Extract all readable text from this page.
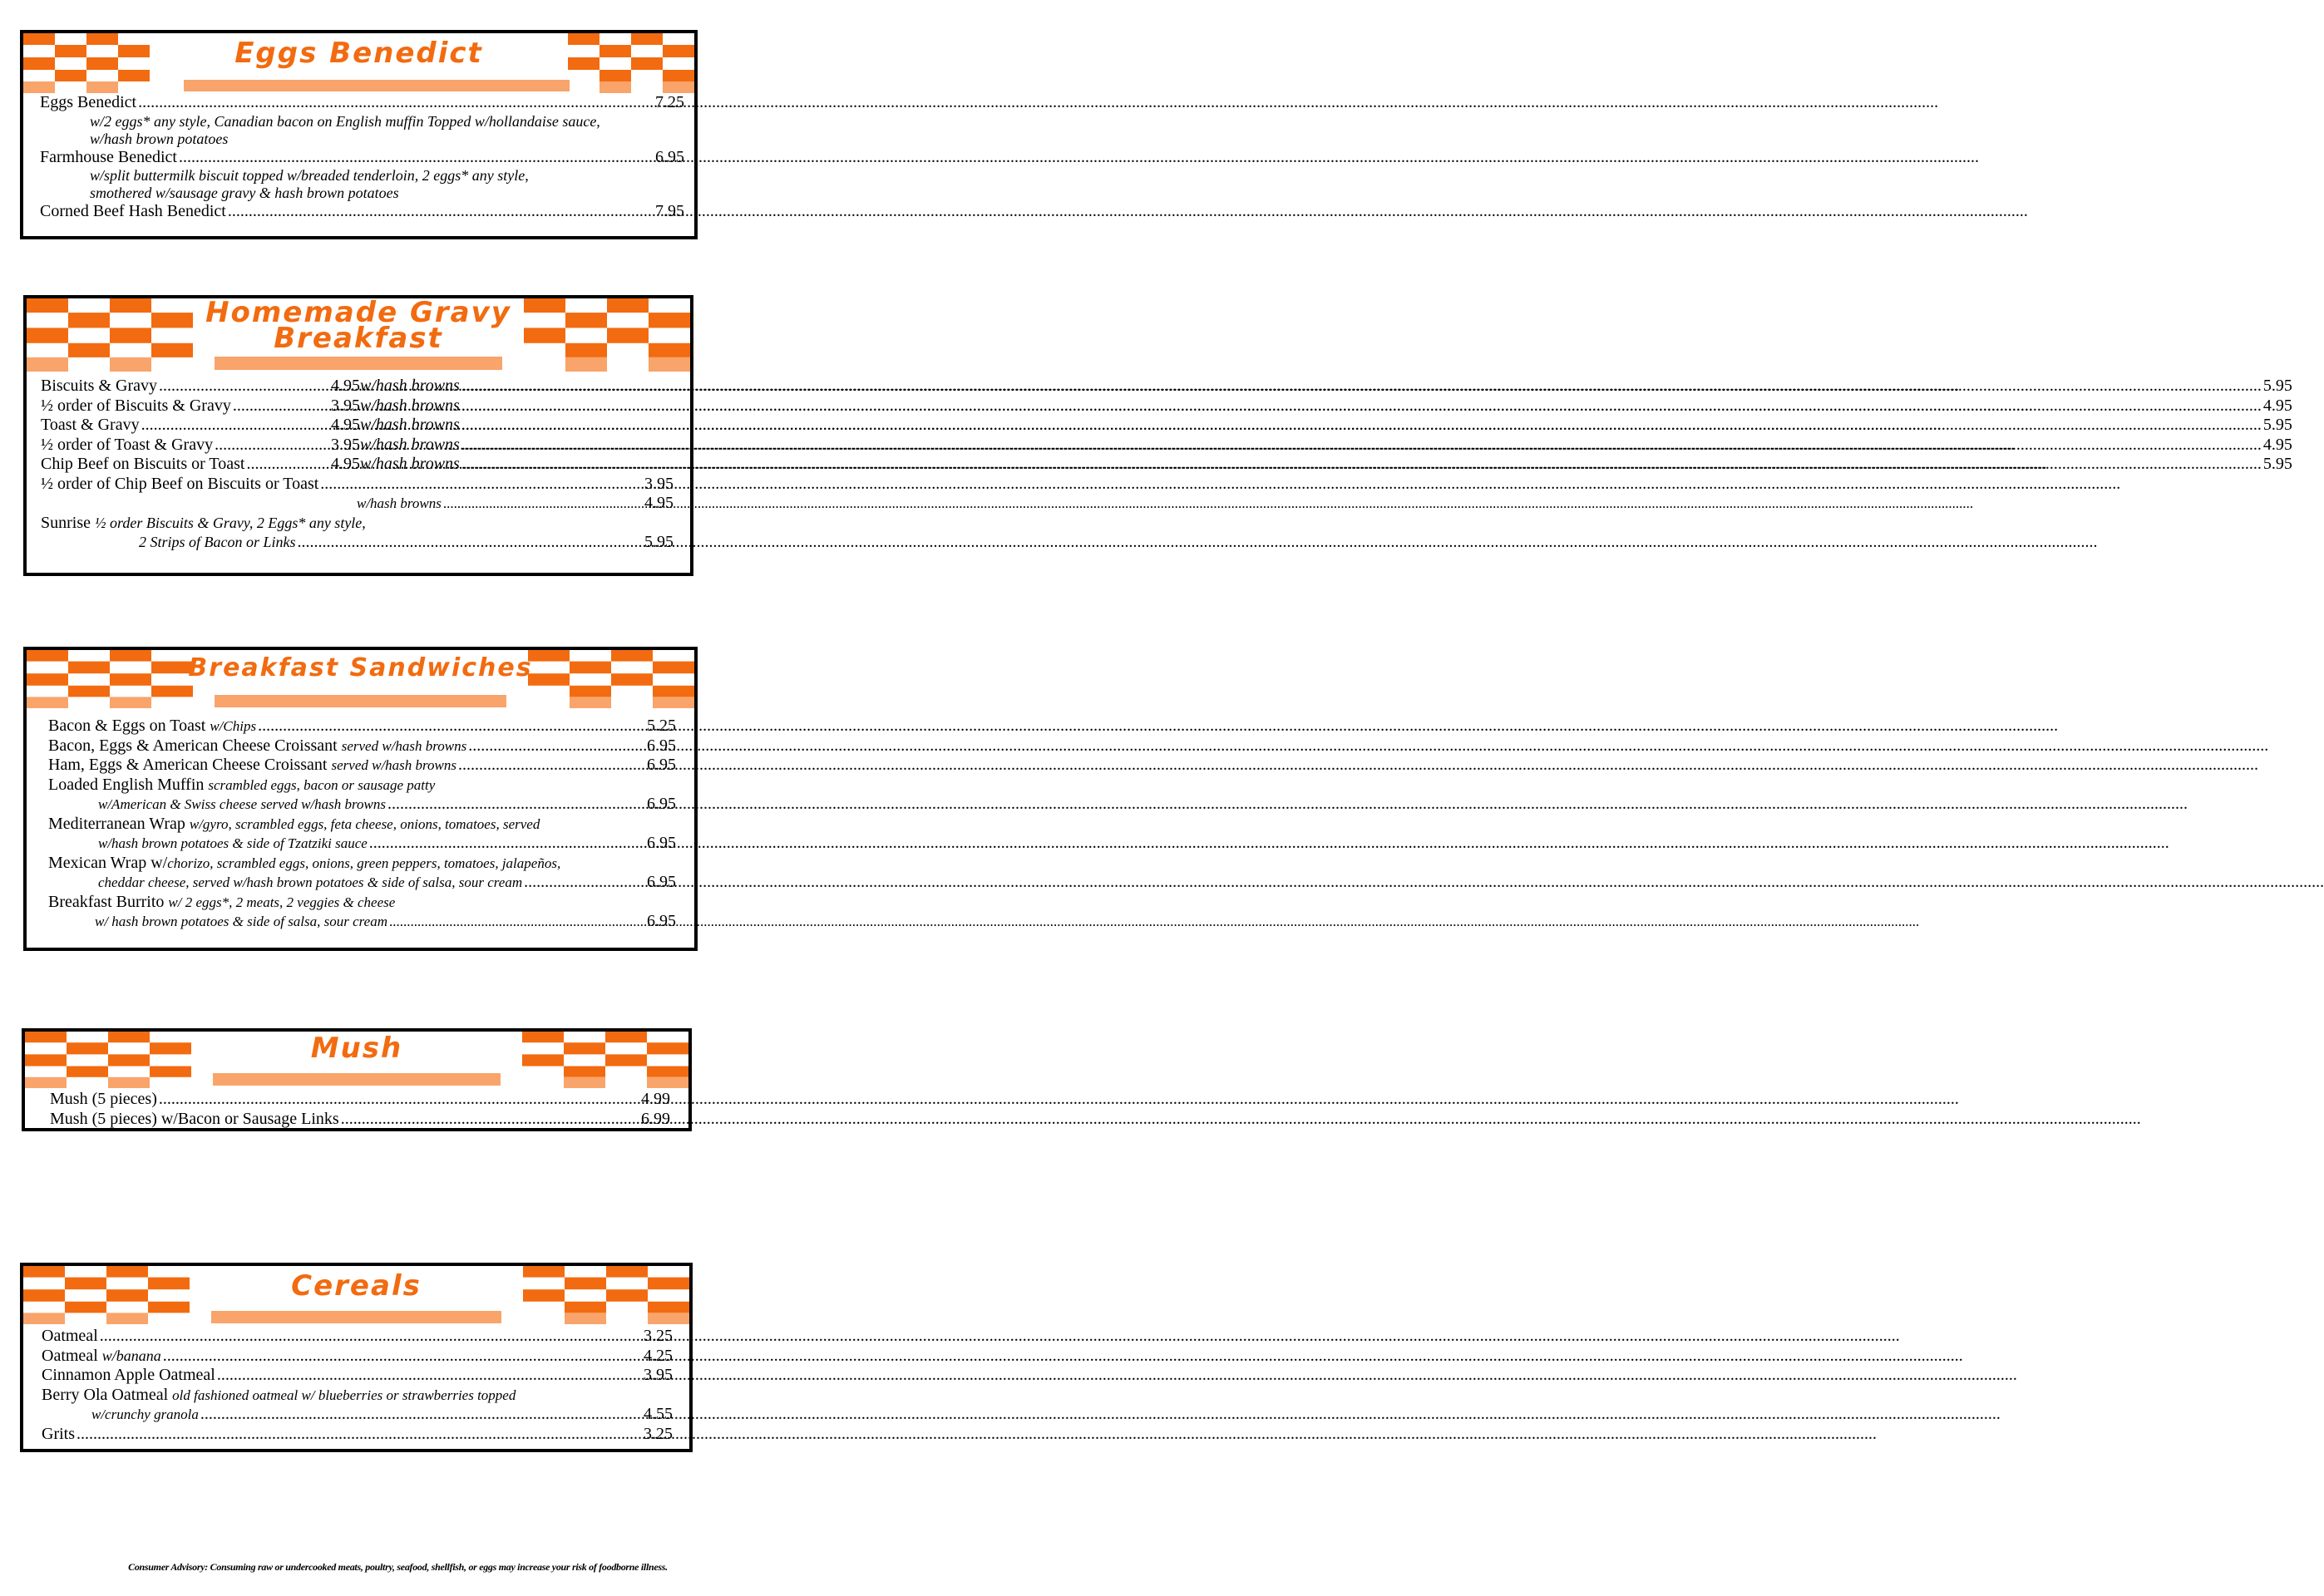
Eggs Benedict
Eggs Benedict .....	7.25
w/2 eggs* any style, Canadian bacon on English muffin Topped w/hollandaise sauce, w/hash brown potatoes
Farmhouse Benedict .....	6.95
w/split buttermilk biscuit topped w/breaded tenderloin, 2 eggs* any style, smothered w/sausage gravy & hash brown potatoes
Corned Beef Hash Benedict .....	7.95
Homemade Gravy
Breakfast
Biscuits & Gravy .....	4.95 w/hash browns .....	5.95
½ order of Biscuits & Gravy .....	3.95 w/hash browns .....	4.95
Toast & Gravy .....	4.95 w/hash browns .....	5.95
½ order of Toast & Gravy .....	3.95 w/hash browns .....	4.95
Chip Beef on Biscuits or Toast .....	4.95 w/hash browns .....	5.95
½ order of Chip Beef on Biscuits or Toast .....	3.95
w/hash browns .....	4.95
Sunrise
½ order Biscuits & Gravy, 2 Eggs* any style,
2 Strips of Bacon or Links .....	5.95
Breakfast Sandwiches
Bacon & Eggs on Toast
w/Chips .....	5.25
Bacon, Eggs & American Cheese Croissant
served w/hash browns .....	6.95
Ham, Eggs & American Cheese Croissant
served w/hash browns .....	6.95
Loaded English Muffin
scrambled eggs, bacon or sausage patty
w/American & Swiss cheese served w/hash browns .....	6.95
Mediterranean Wrap
w/gyro, scrambled eggs, feta cheese, onions, tomatoes, served
w/hash brown potatoes & side of Tzatziki sauce .....	6.95
Mexican Wrap w/ chorizo, scrambled eggs, onions, green peppers, tomatoes, jalapeños,
cheddar cheese, served w/hash brown potatoes & side of salsa, sour cream .....	6.95
Breakfast Burrito
w/ 2 eggs*, 2 meats, 2 veggies & cheese
w/ hash brown potatoes & side of salsa, sour cream .....	6.95
Mush
Mush (5 pieces) .....	4.99
Mush (5 pieces) w/Bacon or Sausage Links .....	6.99
Cereals
Oatmeal .....	3.25
Oatmeal
w/banana .....	4.25
Cinnamon Apple Oatmeal .....	3.95
Berry Ola Oatmeal
old fashioned oatmeal w/ blueberries or strawberries topped
w/crunchy granola .....	4.55
Grits .....	3.25
Consumer Advisory: Consuming raw or undercooked meats, poultry, seafood, shellfish, or eggs may increase your risk of foodborne illness.
